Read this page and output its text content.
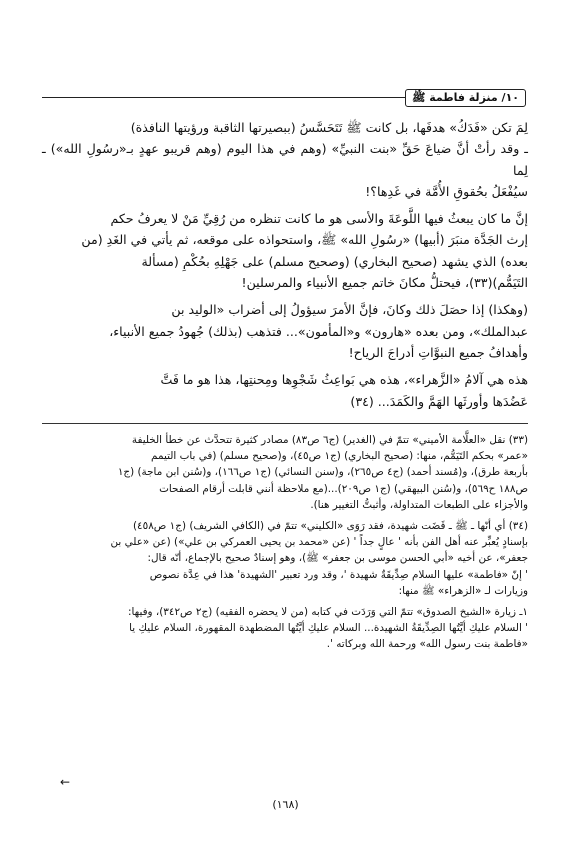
١٠/ منزلة فاطمة ﷺ

لِمَ تكن «فَدَكُ» هدفَها، بل كانت ﷺ تَتَحَسَّسُ (ببصيرتها الثاقبة ورؤيتها النافذة)

ـ وقد رأتْ أنَّ ضياعَ حَقِّ «بنت النبيِّ» (وهم في هذا اليوم (وهم قريبو عهدٍ بـ«رسُولِ الله») ـ لِما

سيُفْعَلُ بحُقوقِ الأُمَّة في غَدِها؟!

إنَّ ما كان يبعثُ فيها اللَّوعَةَ والأسى هو ما كانت تنظره من رُقِيِّ مَنْ لا يعرفُ حكم

إرث الجَدَّة منبَرَ (أبيها) «رسُولِ الله» ﷺ، واستحواذه على موقعه، ثم يأتي في الغَدِ (من

بعده) الذي يشهد (صحيح البخاري) (وصحيح مسلم) على جَهْلِهِ بحُكْمِ (مسألة

التَيَمُّم)(٣٣)، فيحتلُّ مكانَ خاتم جميع الأنبياء والمرسلين!

(وهكذا) إذا حصَلَ ذلك وكانَ، فإنَّ الأمرَ سيؤولُ إلى أضراب «الوليد بن

عبدالملك»، ومن بعده «هارون» و«المأمون»... فتذهب (بذلك) جُهودُ جميع الأنبياء،

وأهدافُ جميع النبوَّاتِ أدراجَ الرياح!

هذه هي آلامُ «الزَّهراء»، هذه هي بَواعِثُ شَجْوِها ومِحنتِها، هذا هو ما فَتَّ

عَضُدَها وأورثَها الهَمَّ والكَمَدَ... (٣٤)

(٣٣) نقل «العلَّامة الأميني» تتمّ في (الغدير) (ج٦ ص٨٣) مصادر كثيرة تتحدَّث عن خطأ الخليفة

«عمر» بحكم التَيَمُّم، منها: (صحيح البخاري) (ج١ ص٤٥)، و(صحيح مسلم) (في باب التيمم

بأربعة طرق)، و(مُسند أحمد) (ج٤ ص٢٦٥)، و(سنن النسائي) (ج١ ص١٦٦)، و(سُنن ابن ماجة) (ج١

ص١٨٨ ح٥٦٩)، و(سُنن البيهقي) (ج١ ص٢٠٩)...(مع ملاحظة أنني قابلت أرقام الصفحات

والأجزاء على الطبعات المتداولة، وأثبتُّ التغيير هنا).

(٣٤) أي أنّها ـ ﷺ ـ قَضَت شهيدة، فقد رَوَى «الكليني» تتمّ في (الكافي الشريف) (ج١ ص٤٥٨)

بإسنادٍ يُعبِّر عنه أهل الفن بأنه ' عالٍ جداً ' (عن «محمد بن يحيى العمركي بن علي») (عن «علي بن

جعفر»، عن أخيه «أبي الحسن موسى بن جعفر» ﷺ)، وهو إسنادٌ صحيح بالإجماع، أنّه قال:

' إنّ «فاطمة» عليها السلام صِدِّيقَةٌ شهيدة '، وقد ورد تعبير 'الشهيدة' هذا في عِدَّة نصوص

وزيارات لـ «الزهراء» ﷺ منها:

١ـ زيارة «الشيخ الصدوق» تتمّ التي وَرَدَت في كتابه (من لا يحضره الفقيه) (ج٢ ص٣٤٢)، وفيها:

' السلام عليكِ أيَّتُها الصِدِّيقَةُ الشهيدة... السلام عليكِ أيَّتُها المضطهدة المقهورة، السلام عليكِ يا

«فاطمة بنت رسول الله» ورحمة الله وبركاته '.

←
(١٦٨)
